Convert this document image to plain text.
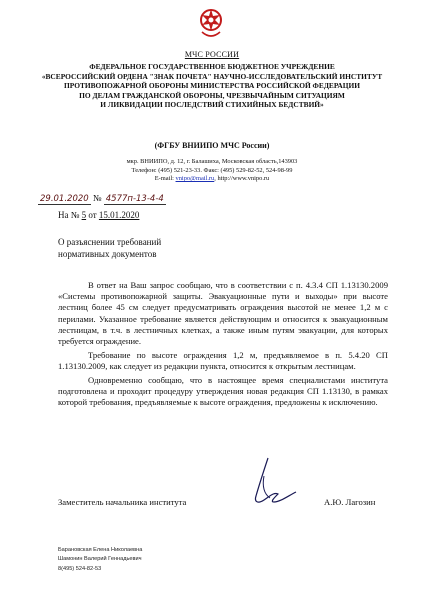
МЧС РОССИИ
ФЕДЕРАЛЬНОЕ ГОСУДАРСТВЕННОЕ БЮДЖЕТНОЕ УЧРЕЖДЕНИЕ
«ВСЕРОССИЙСКИЙ ОРДЕНА "ЗНАК ПОЧЕТА" НАУЧНО-ИССЛЕДОВАТЕЛЬСКИЙ ИНСТИТУТ
ПРОТИВОПОЖАРНОЙ ОБОРОНЫ МИНИСТЕРСТВА РОССИЙСКОЙ ФЕДЕРАЦИИ
ПО ДЕЛАМ ГРАЖДАНСКОЙ ОБОРОНЫ, ЧРЕЗВЫЧАЙНЫМ СИТУАЦИЯМ
И ЛИКВИДАЦИИ ПОСЛЕДСТВИЙ СТИХИЙНЫХ БЕДСТВИЙ»
(ФГБУ ВНИИПО МЧС России)
мкр. ВНИИПО, д. 12, г. Балашиха, Московская область,143903
Телефон: (495) 521-23-33. Факс: (495) 529-82-52, 524-98-99
E-mail: vnipo@mail.ru, http://www.vnipo.ru
29.01.2020 № 4577п-13-4-4
На № 5 от 15.01.2020
О разъяснении требований
нормативных документов

В ответ на Ваш запрос сообщаю, что в соответствии с п. 4.3.4 СП 1.13130.2009 «Системы противопожарной защиты. Эвакуационные пути и выходы» при высоте лестниц более 45 см следует предусматривать ограждения высотой не менее 1,2 м с перилами. Указанное требование является действующим и относится к эвакуационным лестницам, в т.ч. в лестничных клетках, а также иным путям эвакуации, для которых требуется ограждение.

Требование по высоте ограждения 1,2 м, предъявляемое в п. 5.4.20 СП 1.13130.2009, как следует из редакции пункта, относится к открытым лестницам.

Одновременно сообщаю, что в настоящее время специалистами института подготовлена и проходит процедуру утверждения новая редакция СП 1.13130, в рамках которой требования, предъявляемые к высоте ограждения, предложены к исключению.

Заместитель начальника института	А.Ю. Лагозин
Барановская Елена Николаевна
Шамонин Валерий Геннадьевич
8(495) 524-82-53
